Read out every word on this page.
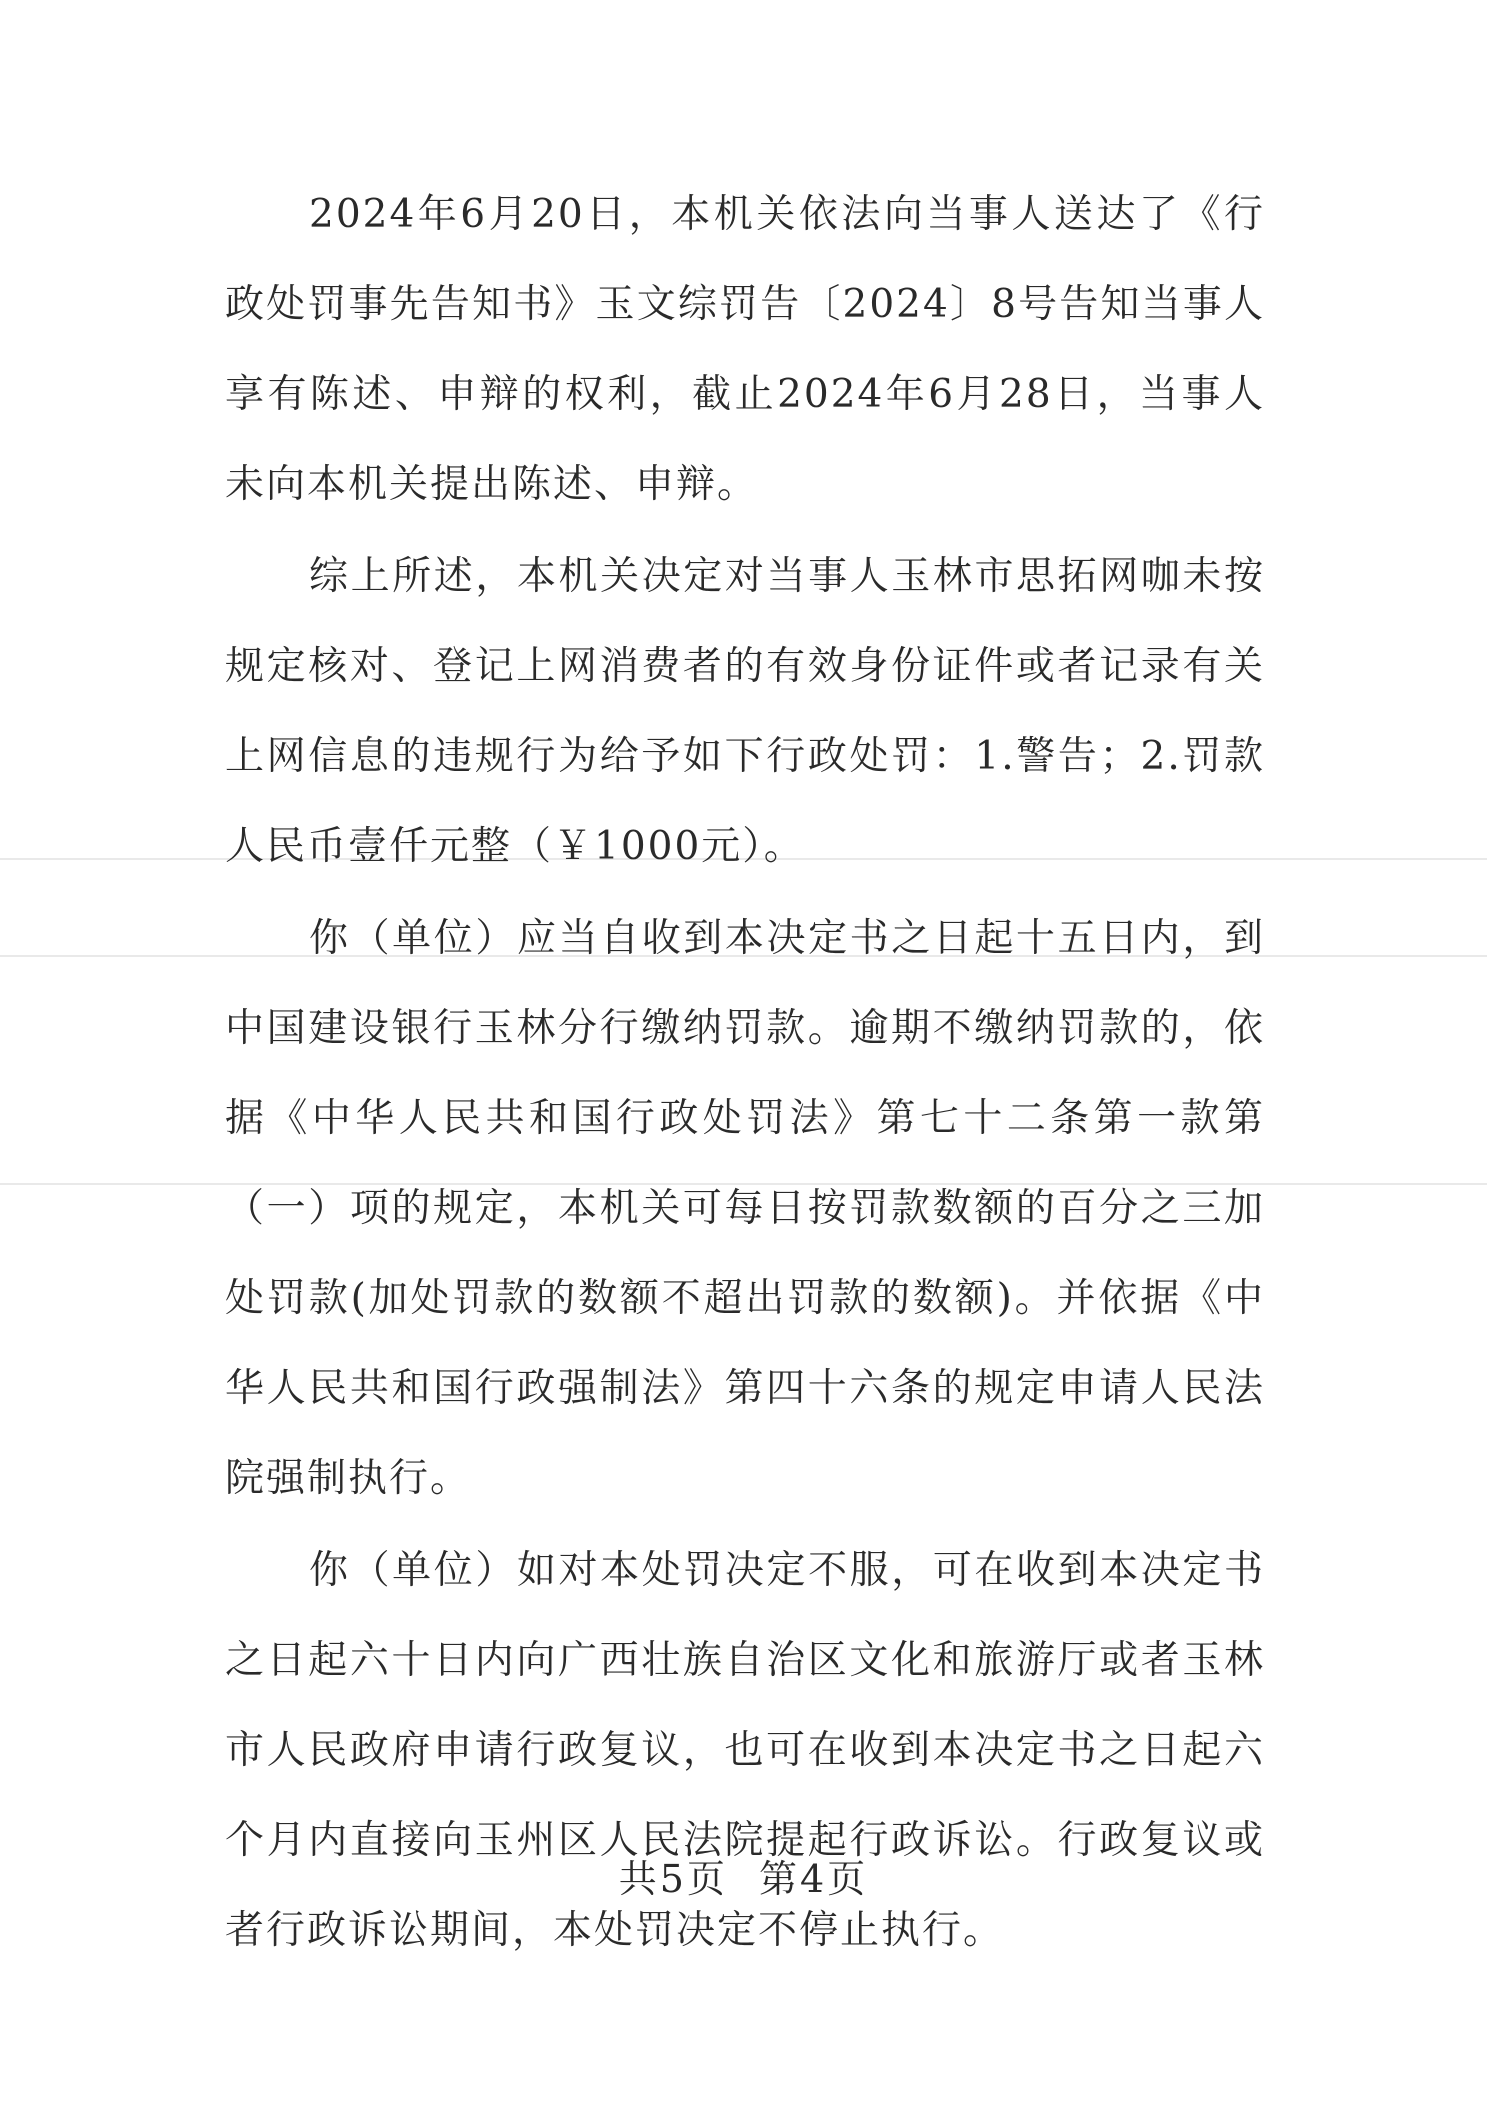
2024年6月20日，本机关依法向当事人送达了《行政处罚事先告知书》玉文综罚告〔2024〕8号告知当事人享有陈述、申辩的权利，截止2024年6月28日，当事人未向本机关提出陈述、申辩。

综上所述，本机关决定对当事人玉林市思拓网咖未按规定核对、登记上网消费者的有效身份证件或者记录有关上网信息的违规行为给予如下行政处罚：1.警告；2.罚款人民币壹仟元整（￥1000元）。

你（单位）应当自收到本决定书之日起十五日内，到中国建设银行玉林分行缴纳罚款。逾期不缴纳罚款的，依据《中华人民共和国行政处罚法》第七十二条第一款第（一）项的规定，本机关可每日按罚款数额的百分之三加处罚款(加处罚款的数额不超出罚款的数额)。并依据《中华人民共和国行政强制法》第四十六条的规定申请人民法院强制执行。

你（单位）如对本处罚决定不服，可在收到本决定书之日起六十日内向广西壮族自治区文化和旅游厅或者玉林市人民政府申请行政复议，也可在收到本决定书之日起六个月内直接向玉州区人民法院提起行政诉讼。行政复议或者行政诉讼期间，本处罚决定不停止执行。

共5页 第4页
